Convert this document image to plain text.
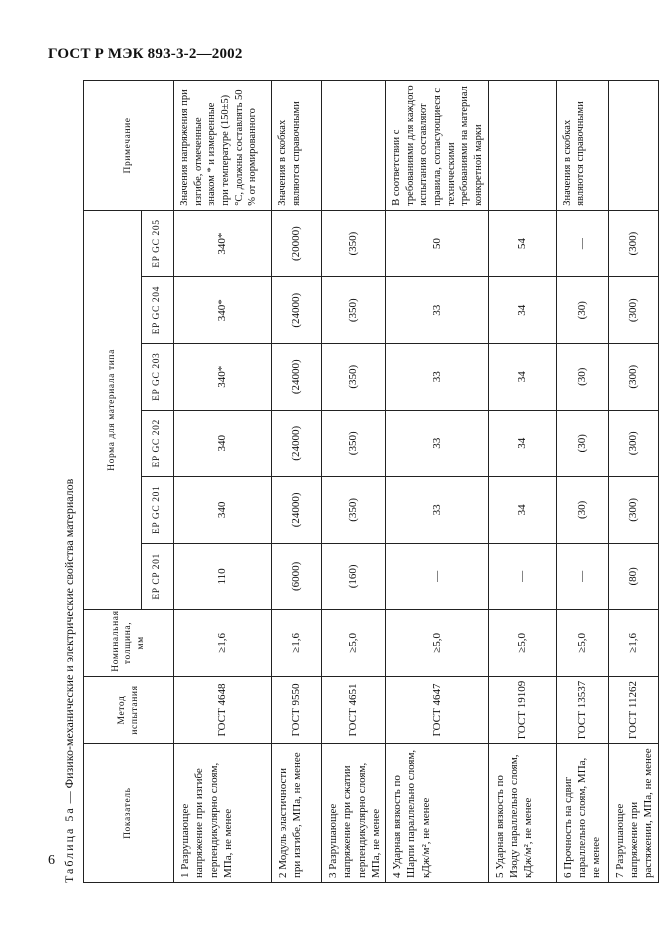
ГОСТ Р МЭК 893-3-2—2002
Таблица 5а — Физико-механические и электрические свойства материалов
Показатель	Метод испытания	Номинальная толщина, мм	Норма для материала типа						Примечание
			EP CP 201	EP GC 201	EP GC 202	EP GC 203	EP GC 204	EP GC 205	
1 Разрушающее напряжение при изгибе перпендикулярно слоям, МПа, не менее	ГОСТ 4648	≥1,6	110	340	340	340*	340*	340*	Значения напряжения при изгибе, отмеченные знаком * и измеренные при температуре (150±5) °С, должны составлять 50 % от нормированного
2 Модуль эластичности при изгибе, МПа, не менее	ГОСТ 9550	≥1,6	(6000)	(24000)	(24000)	(24000)	(24000)	(20000)	Значения в скобках являются справочными
3 Разрушающее напряжение при сжатии перпендикулярно слоям, МПа, не менее	ГОСТ 4651	≥5,0	(160)	(350)	(350)	(350)	(350)	(350)	
4 Ударная вязкость по Шарпи параллельно слоям, кДж/м², не менее	ГОСТ 4647	≥5,0	—	33	33	33	33	50	В соответствии с требованиями для каждого испытания составляют правила, согласующиеся с техническими требованиями на материал конкретной марки
5 Ударная вязкость по Изоду параллельно слоям, кДж/м², не менее	ГОСТ 19109	≥5,0	—	34	34	34	34	54	
6 Прочность на сдвиг параллельно слоям, МПа, не менее	ГОСТ 13537	≥5,0	—	(30)	(30)	(30)	(30)	—	Значения в скобках являются справочными
7 Разрушающее напряжение при растяжении, МПа, не менее	ГОСТ 11262	≥1,6	(80)	(300)	(300)	(300)	(300)	(300)	
6
